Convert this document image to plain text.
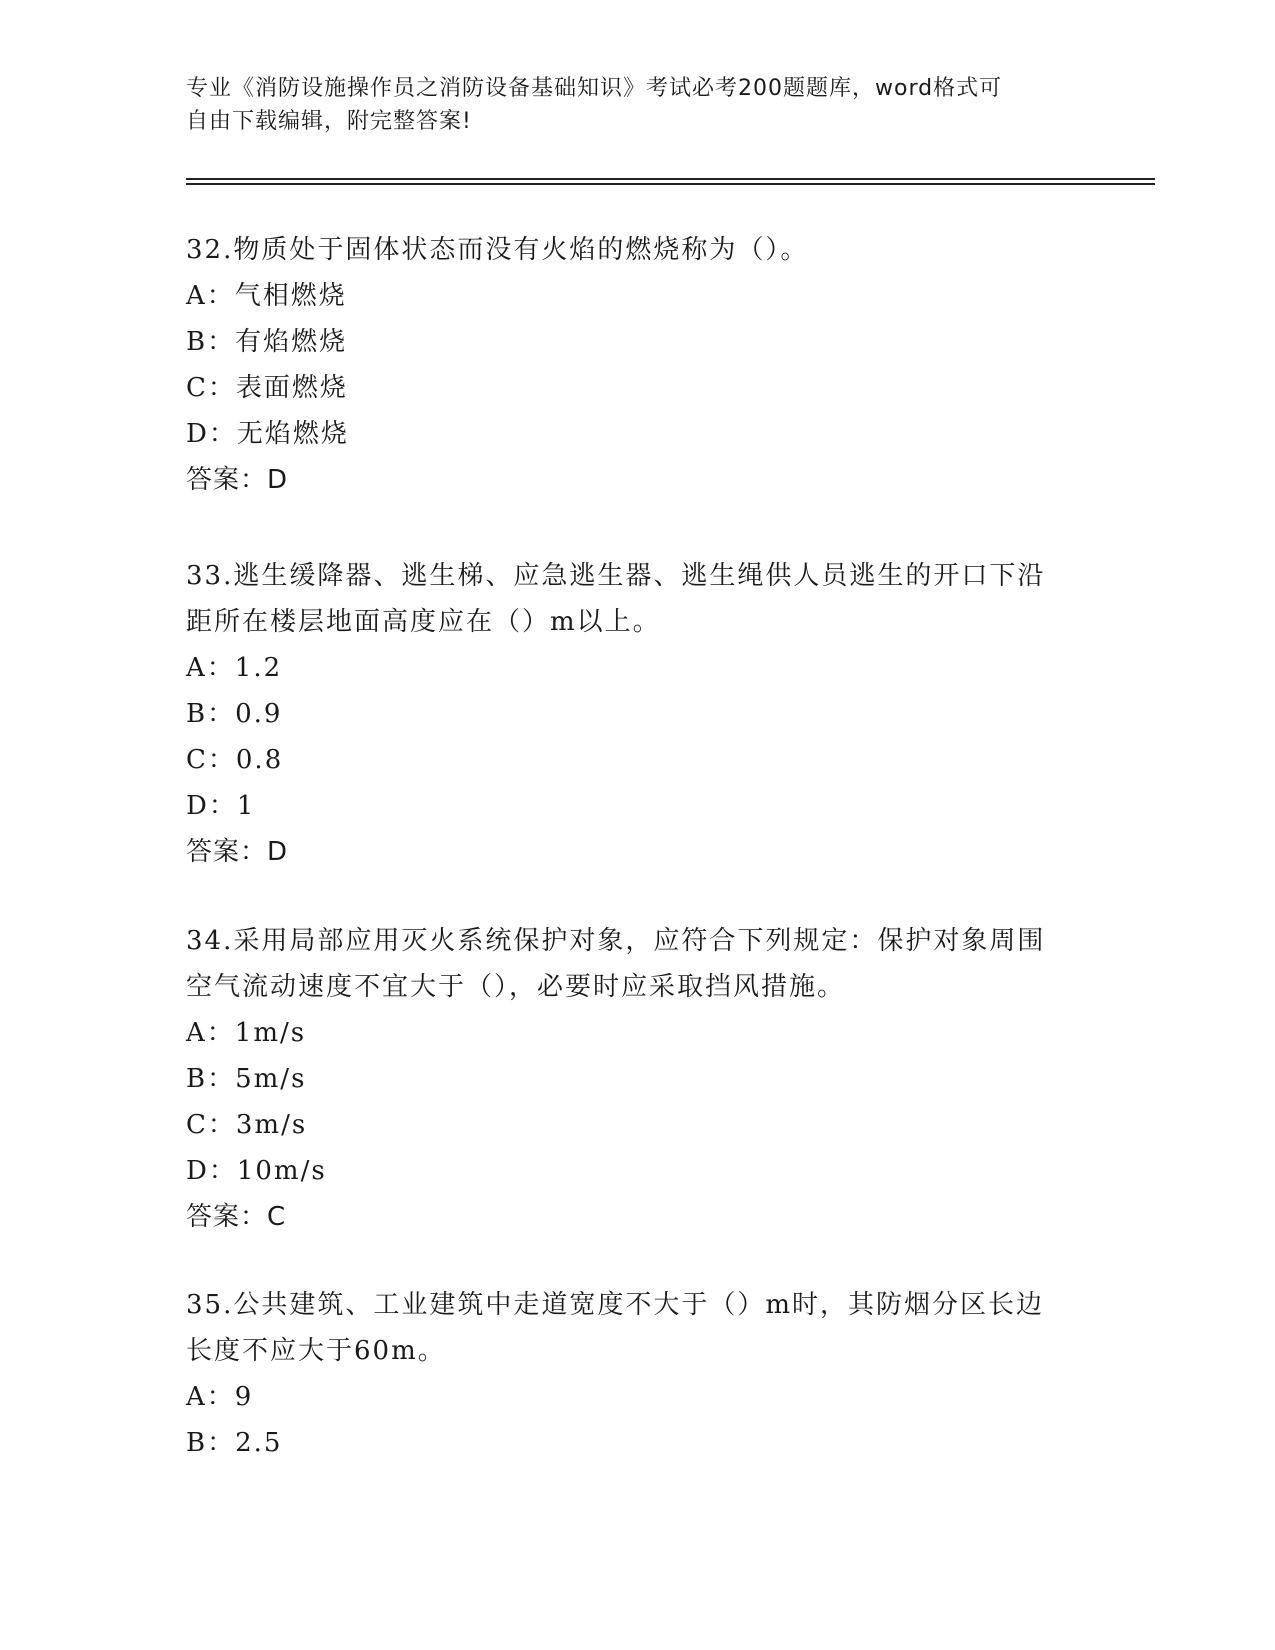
专业《消防设施操作员之消防设备基础知识》考试必考200题题库，word格式可
自由下载编辑，附完整答案!
32.物质处于固体状态而没有火焰的燃烧称为（）。
A：气相燃烧
B：有焰燃烧
C：表面燃烧
D：无焰燃烧
答案：D
33.逃生缓降器、逃生梯、应急逃生器、逃生绳供人员逃生的开口下沿
距所在楼层地面高度应在（）m以上。
A：1.2
B：0.9
C：0.8
D：1
答案：D
34.采用局部应用灭火系统保护对象，应符合下列规定：保护对象周围
空气流动速度不宜大于（），必要时应采取挡风措施。
A：1m/s
B：5m/s
C：3m/s
D：10m/s
答案：C
35.公共建筑、工业建筑中走道宽度不大于（）m时，其防烟分区长边
长度不应大于60m。
A：9
B：2.5
